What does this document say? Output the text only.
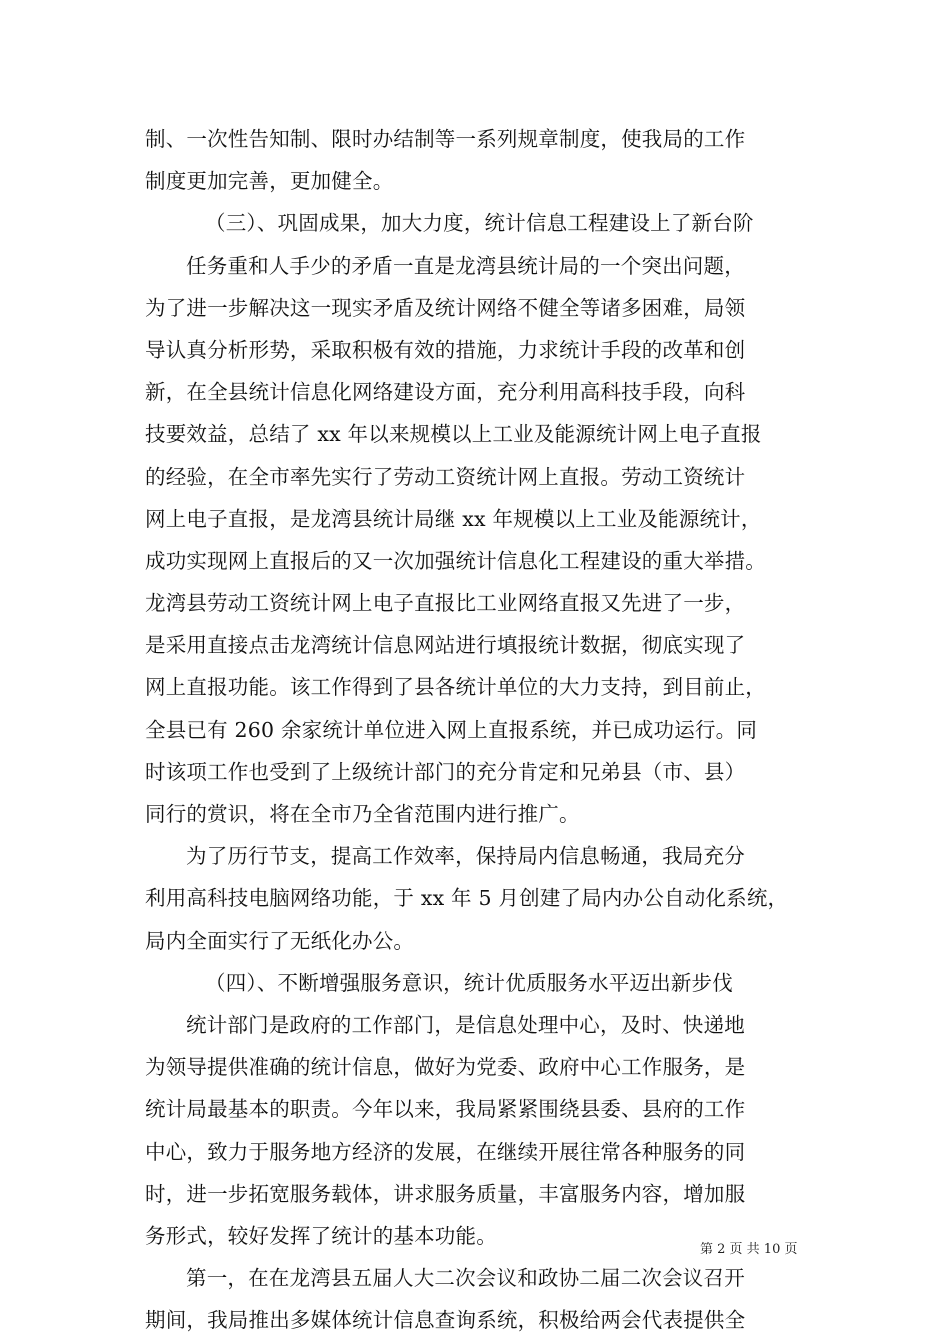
制、一次性告知制、限时办结制等一系列规章制度，使我局的工作
制度更加完善，更加健全。
（三）、巩固成果，加大力度，统计信息工程建设上了新台阶
任务重和人手少的矛盾一直是龙湾县统计局的一个突出问题，
为了进一步解决这一现实矛盾及统计网络不健全等诸多困难，局领
导认真分析形势，采取积极有效的措施，力求统计手段的改革和创
新，在全县统计信息化网络建设方面，充分利用高科技手段，向科
技要效益，总结了 xx 年以来规模以上工业及能源统计网上电子直报
的经验，在全市率先实行了劳动工资统计网上直报。劳动工资统计
网上电子直报，是龙湾县统计局继 xx 年规模以上工业及能源统计，
成功实现网上直报后的又一次加强统计信息化工程建设的重大举措。
龙湾县劳动工资统计网上电子直报比工业网络直报又先进了一步，
是采用直接点击龙湾统计信息网站进行填报统计数据，彻底实现了
网上直报功能。该工作得到了县各统计单位的大力支持，到目前止，
全县已有 260 余家统计单位进入网上直报系统，并已成功运行。同
时该项工作也受到了上级统计部门的充分肯定和兄弟县（市、县）
同行的赏识，将在全市乃全省范围内进行推广。
为了历行节支，提高工作效率，保持局内信息畅通，我局充分
利用高科技电脑网络功能，于 xx 年 5 月创建了局内办公自动化系统，
局内全面实行了无纸化办公。
（四）、不断增强服务意识，统计优质服务水平迈出新步伐
统计部门是政府的工作部门，是信息处理中心，及时、快递地
为领导提供准确的统计信息，做好为党委、政府中心工作服务，是
统计局最基本的职责。今年以来，我局紧紧围绕县委、县府的工作
中心，致力于服务地方经济的发展，在继续开展往常各种服务的同
时，进一步拓宽服务载体，讲求服务质量，丰富服务内容，增加服
务形式，较好发挥了统计的基本功能。
第一，在在龙湾县五届人大二次会议和政协二届二次会议召开
期间，我局推出多媒体统计信息查询系统，积极给两会代表提供全
第 2 页 共 10 页
